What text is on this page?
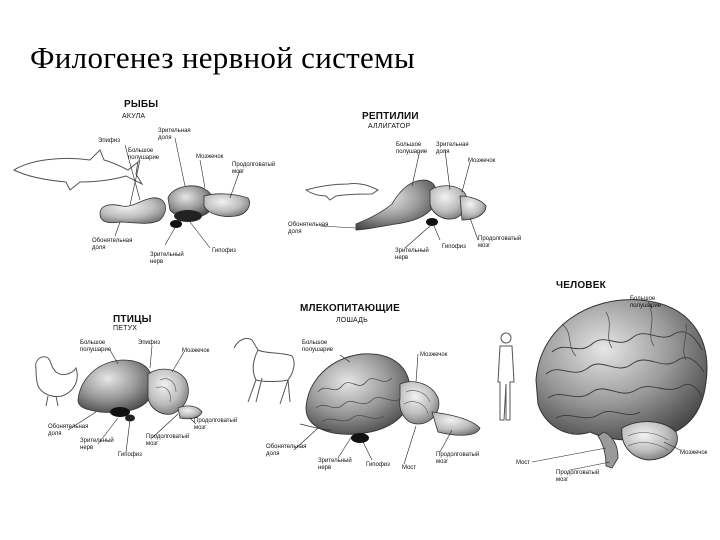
Филогенез нервной системы
РЫБЫ
АКУЛА
Эпифиз
Зрительная доля
Большое полушарие	Мозжечок
Продолговатый мозг
Обонятельная доля
Зрительный нерв
Гипофиз
РЕПТИЛИИ
АЛЛИГАТОР
Большое полушарие
Зрительная доля
Мозжечок
Обонятельная доля
Зрительный нерв
Гипофиз
Продолговатый мозг
ПТИЦЫ
ПЕТУХ
Большое полушарие
Эпифиз
Мозжечок
Обонятельная доля
Зрительный нерв
Гипофиз
Продолговатый мозг
Продолговатый мозг
МЛЕКОПИТАЮЩИЕ
ЛОШАДЬ
Большое полушарие
Мозжечок
Обонятельная доля
Зрительный нерв	Гипофиз Мост
Продолговатый мозг
ЧЕЛОВЕК
Большое полушарие
Мост
Продолговатый мозг
Мозжечок
